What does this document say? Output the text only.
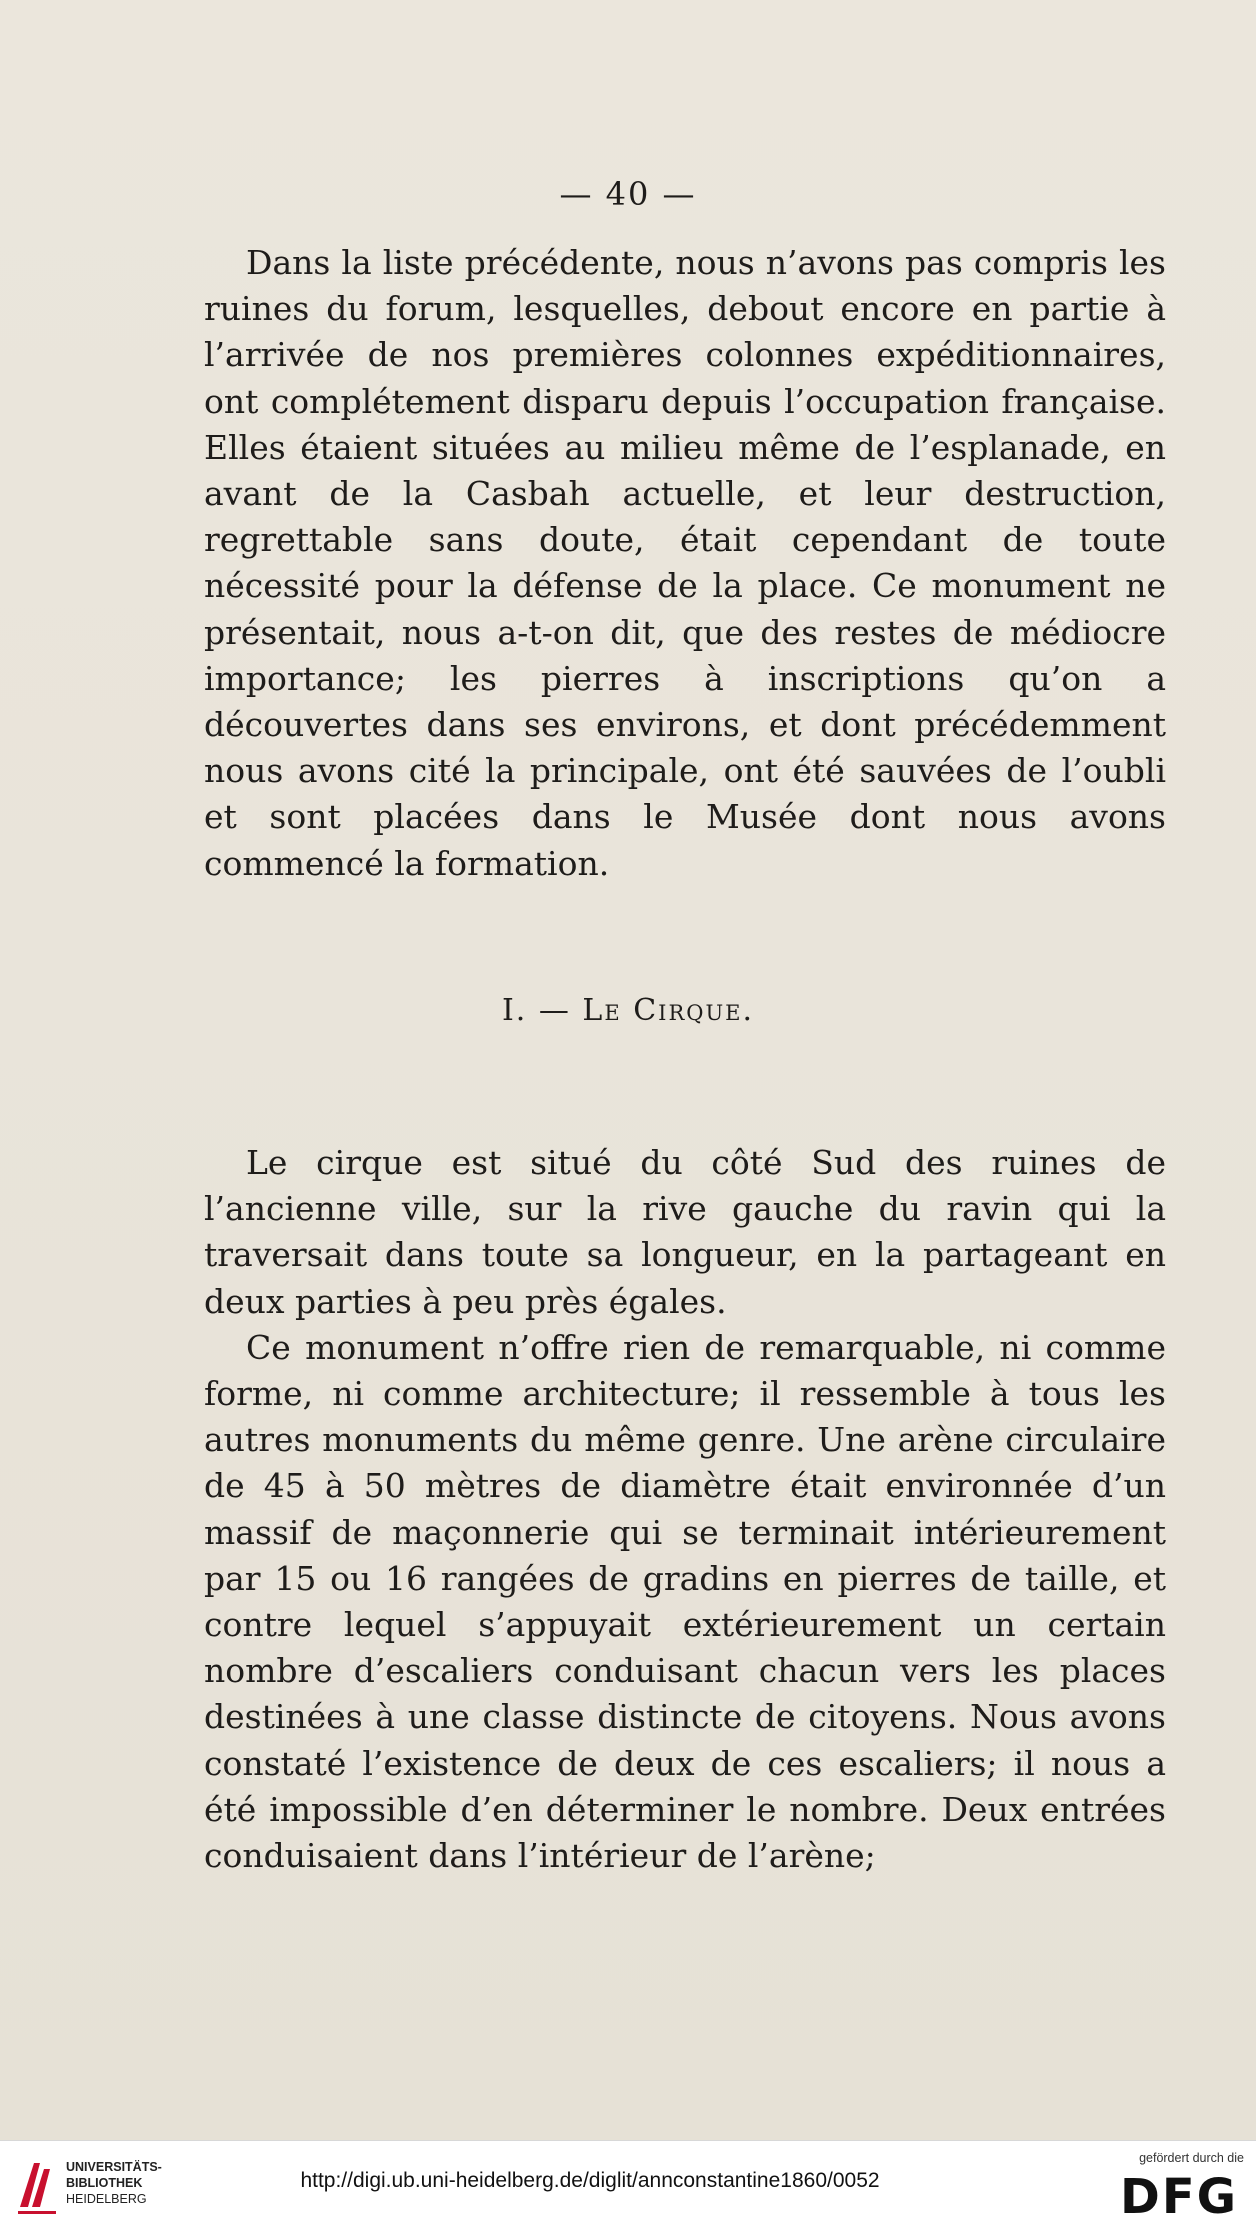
— 40 —

Dans la liste précédente, nous n’avons pas compris les ruines du forum, lesquelles, debout encore en partie à l’arrivée de nos premières colonnes expéditionnaires, ont complétement disparu depuis l’occupation française. Elles étaient situées au milieu même de l’esplanade, en avant de la Casbah actuelle, et leur destruction, regrettable sans doute, était cependant de toute nécessité pour la défense de la place. Ce monument ne présentait, nous a-t-on dit, que des restes de médiocre importance; les pierres à inscriptions qu’on a découvertes dans ses environs, et dont précédemment nous avons cité la principale, ont été sauvées de l’oubli et sont placées dans le Musée dont nous avons commencé la formation.

I. — Le Cirque.

Le cirque est situé du côté Sud des ruines de l’ancienne ville, sur la rive gauche du ravin qui la traversait dans toute sa longueur, en la partageant en deux parties à peu près égales.

Ce monument n’offre rien de remarquable, ni comme forme, ni comme architecture; il ressemble à tous les autres monuments du même genre. Une arène circulaire de 45 à 50 mètres de diamètre était environnée d’un massif de maçonnerie qui se terminait intérieurement par 15 ou 16 rangées de gradins en pierres de taille, et contre lequel s’appuyait extérieurement un certain nombre d’escaliers conduisant chacun vers les places destinées à une classe distincte de citoyens. Nous avons constaté l’existence de deux de ces escaliers; il nous a été impossible d’en déterminer le nombre. Deux entrées conduisaient dans l’intérieur de l’arène;

UNIVERSITÄTS-
BIBLIOTHEK
HEIDELBERG
http://digi.ub.uni-heidelberg.de/diglit/annconstantine1860/0052
gefördert durch die
DFG
